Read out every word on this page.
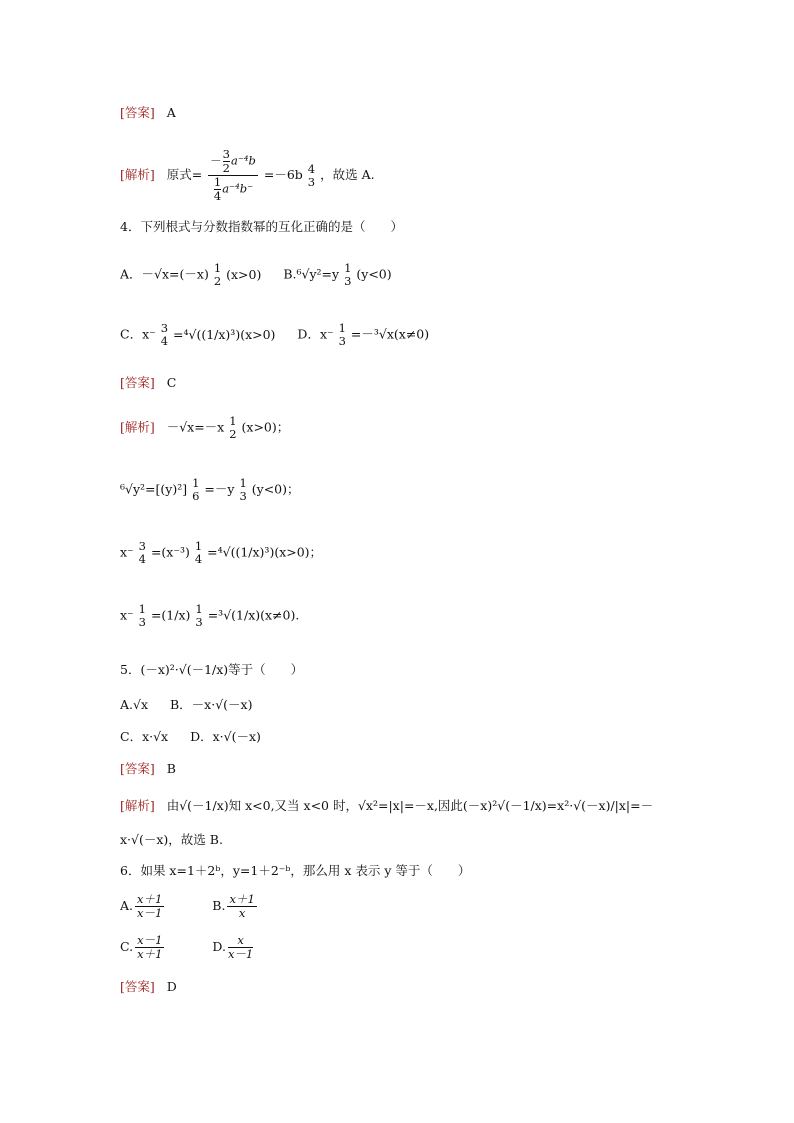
[答案] A
[解析] 原式= $\frac{- \frac{3}{2} a^{-4}b}{\frac{1}{4} a^{-4}b^-} =-6b$ 4
3 ，故选 A.
4．下列根式与分数指数幂的互化正确的是（　　）
A．－√x=(－x) 1
2 (x>0) B.⁶√y²=y 1
3 (y<0)
C．x⁻ 3
4 =⁴√((1/x)³)(x>0) D．x⁻ 1
3 =－³√x(x≠0)
[答案] C
[解析] －√x=－x 1
2 (x>0)；
⁶√y²=[(y)²] 1
6 =－y 1
3 (y<0)；
x⁻ 3
4 =(x⁻³) 1
4 =⁴√((1/x)³)(x>0)；
x⁻ 1
3 =(1/x) 1
3 =³√(1/x)(x≠0).
5．(－x)²·√(－1/x)等于（　　）
A.√x B．－x·√(－x)
C．x·√x D．x·√(－x)
[答案] B
[解析] 由√(－1/x)知 x<0,又当 x<0 时，√x²=|x|=－x,因此(－x)²√(－1/x)=x²·√(－x)/|x|=－
x·√(－x)，故选 B.
6．如果 x=1＋2ᵇ，y=1＋2⁻ᵇ，那么用 x 表示 y 等于（　　）
A. $\frac{x+1}{x-1}$	B. $\frac{x+1}{x}$
C. $\frac{x-1}{x+1}$	D. $\frac{x}{x-1}$
[答案] D
